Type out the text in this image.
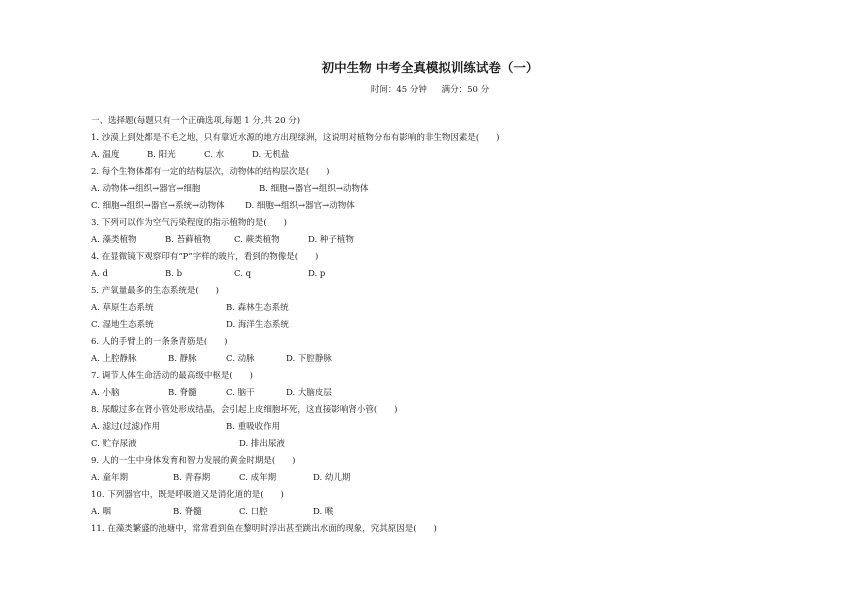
初中生物 中考全真模拟训练试卷（一）
时间：45 分钟 满分：50 分
一、选择题(每题只有一个正确选项,每题 1 分,共 20 分)
1. 沙漠上到处都是不毛之地，只有靠近水源的地方出现绿洲，这说明对植物分布有影响的非生物因素是(　　)
A. 温度	B. 阳光	C. 水	D. 无机盐
2. 每个生物体都有一定的结构层次，动物体的结构层次是(　　)
A. 动物体→组织→器官→细胞	B. 细胞→器官→组织→动物体
C. 细胞→组织→器官→系统→动物体 D. 细胞→组织→器官→动物体
3. 下列可以作为空气污染程度的指示植物的是(　　)
A. 藻类植物	B. 苔藓植物	C. 蕨类植物	D. 种子植物
4. 在显微镜下观察印有“P”字样的玻片，看到的物像是(　　)
A. d	B. b	C. q	D. p
5. 产氧量最多的生态系统是(　　)
A. 草原生态系统	B. 森林生态系统
C. 湿地生态系统	D. 海洋生态系统
6. 人的手臂上的一条条青筋是(　　)
A. 上腔静脉	B. 静脉	C. 动脉	D. 下腔静脉
7. 调节人体生命活动的最高级中枢是(　　)
A. 小脑	B. 脊髓	C. 脑干	D. 大脑皮层
8. 尿酸过多在肾小管处形成结晶，会引起上皮细胞坏死，这直接影响肾小管(　　)
A. 滤过(过滤)作用	B. 重吸收作用
C. 贮存尿液	D. 排出尿液
9. 人的一生中身体发育和智力发展的黄金时期是(　　)
A. 童年期	B. 青春期	C. 成年期	D. 幼儿期
10. 下列器官中，既是呼吸道又是消化道的是(　　)
A. 咽	B. 脊髓	C. 口腔	D. 喉
11. 在藻类繁盛的池塘中，常常看到鱼在黎明时浮出甚至跳出水面的现象，究其原因是(　　)
